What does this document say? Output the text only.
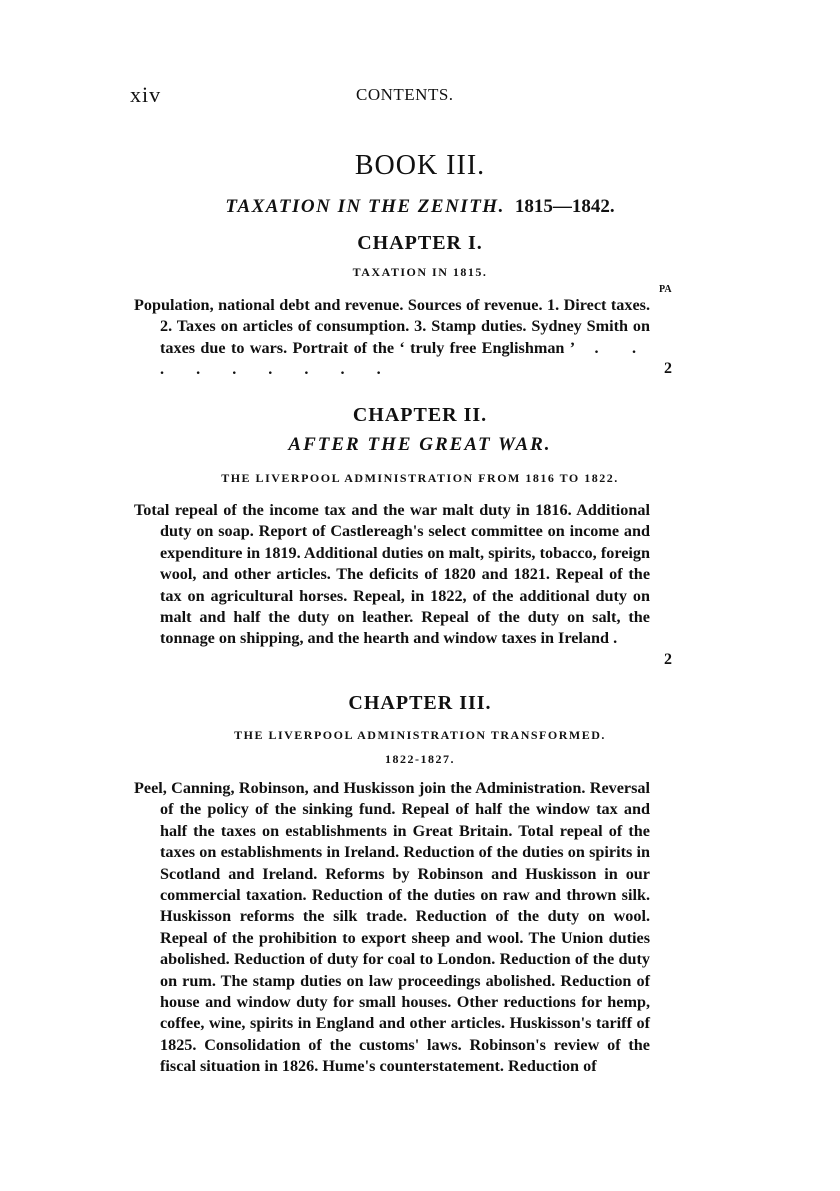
xiv	CONTENTS.
BOOK III.
TAXATION IN THE ZENITH. 1815—1842.
CHAPTER I.
TAXATION IN 1815.
PA
Population, national debt and revenue. Sources of revenue. 1. Direct taxes. 2. Taxes on articles of consumption. 3. Stamp duties. Sydney Smith on taxes due to wars. Portrait of the ‘ truly free Englishman ’ . . . . . . . . .	2
CHAPTER II.
AFTER THE GREAT WAR.
THE LIVERPOOL ADMINISTRATION FROM 1816 TO 1822.
Total repeal of the income tax and the war malt duty in 1816. Additional duty on soap. Report of Castlereagh's select committee on income and expenditure in 1819. Additional duties on malt, spirits, tobacco, foreign wool, and other articles. The deficits of 1820 and 1821. Repeal of the tax on agricultural horses. Repeal, in 1822, of the additional duty on malt and half the duty on leather. Repeal of the duty on salt, the tonnage on shipping, and the hearth and window taxes in Ireland .
2
CHAPTER III.
THE LIVERPOOL ADMINISTRATION TRANSFORMED.
1822-1827.
Peel, Canning, Robinson, and Huskisson join the Administration. Reversal of the policy of the sinking fund. Repeal of half the window tax and half the taxes on establishments in Great Britain. Total repeal of the taxes on establishments in Ireland. Reduction of the duties on spirits in Scotland and Ireland. Reforms by Robinson and Huskisson in our commercial taxation. Reduction of the duties on raw and thrown silk. Huskisson reforms the silk trade. Reduction of the duty on wool. Repeal of the prohibition to export sheep and wool. The Union duties abolished. Reduction of duty for coal to London. Reduction of the duty on rum. The stamp duties on law proceedings abolished. Reduction of house and window duty for small houses. Other reductions for hemp, coffee, wine, spirits in England and other articles. Huskisson's tariff of 1825. Consolidation of the customs' laws. Robinson's review of the fiscal situation in 1826. Hume's counterstatement. Reduction of
